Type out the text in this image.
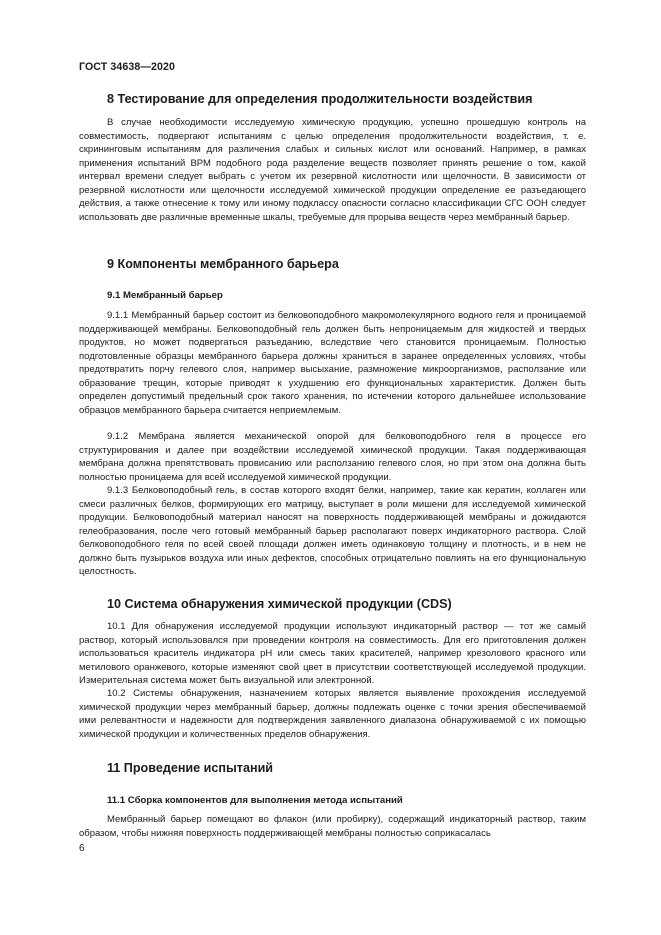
ГОСТ 34638—2020
8 Тестирование для определения продолжительности воздействия

В случае необходимости исследуемую химическую продукцию, успешно прошедшую контроль на совместимость, подвергают испытаниям с целью определения продолжительности воздействия, т. е. скрининговым испытаниям для различения слабых и сильных кислот или оснований. Например, в рамках применения испытаний ВРМ подобного рода разделение веществ позволяет принять решение о том, какой интервал времени следует выбрать с учетом их резервной кислотности или щелочности. В зависимости от резервной кислотности или щелочности исследуемой химической продукции определение ее разъедающего действия, а также отнесение к тому или иному подклассу опасности согласно классификации СГС ООН следует использовать две различные временные шкалы, требуемые для прорыва веществ через мембранный барьер.

9 Компоненты мембранного барьера
9.1 Мембранный барьер

9.1.1 Мембранный барьер состоит из белковоподобного макромолекулярного водного геля и проницаемой поддерживающей мембраны. Белковоподобный гель должен быть непроницаемым для жидкостей и твердых продуктов, но может подвергаться разъеданию, вследствие чего становится проницаемым. Полностью подготовленные образцы мембранного барьера должны храниться в заранее определенных условиях, чтобы предотвратить порчу гелевого слоя, например высыхание, размножение микроорганизмов, расползание или образование трещин, которые приводят к ухудшению его функциональных характеристик. Должен быть определен допустимый предельный срок такого хранения, по истечении которого дальнейшее использование образцов мембранного барьера считается неприемлемым.

9.1.2 Мембрана является механической опорой для белковоподобного геля в процессе его структурирования и далее при воздействии исследуемой химической продукции. Такая поддерживающая мембрана должна препятствовать провисанию или расползанию гелевого слоя, но при этом она должна быть полностью проницаема для всей исследуемой химической продукции.

9.1.3 Белковоподобный гель, в состав которого входят белки, например, такие как кератин, коллаген или смеси различных белков, формирующих его матрицу, выступает в роли мишени для исследуемой химической продукции. Белковоподобный материал наносят на поверхность поддерживающей мембраны и дожидаются гелеобразования, после чего готовый мембранный барьер располагают поверх индикаторного раствора. Слой белковоподобного геля по всей своей площади должен иметь одинаковую толщину и плотность, и в нем не должно быть пузырьков воздуха или иных дефектов, способных отрицательно повлиять на его функциональную целостность.

10 Система обнаружения химической продукции (CDS)

10.1 Для обнаружения исследуемой продукции используют индикаторный раствор — тот же самый раствор, который использовался при проведении контроля на совместимость. Для его приготовления должен использоваться краситель индикатора pH или смесь таких красителей, например крезолового красного или метилового оранжевого, которые изменяют свой цвет в присутствии соответствующей исследуемой продукции. Измерительная система может быть визуальной или электронной.

10.2 Системы обнаружения, назначением которых является выявление прохождения исследуемой химической продукции через мембранный барьер, должны подлежать оценке с точки зрения обеспечиваемой ими релевантности и надежности для подтверждения заявленного диапазона обнаруживаемой с их помощью химической продукции и количественных пределов обнаружения.

11 Проведение испытаний
11.1 Сборка компонентов для выполнения метода испытаний

Мембранный барьер помещают во флакон (или пробирку), содержащий индикаторный раствор, таким образом, чтобы нижняя поверхность поддерживающей мембраны полностью соприкасалась

6
